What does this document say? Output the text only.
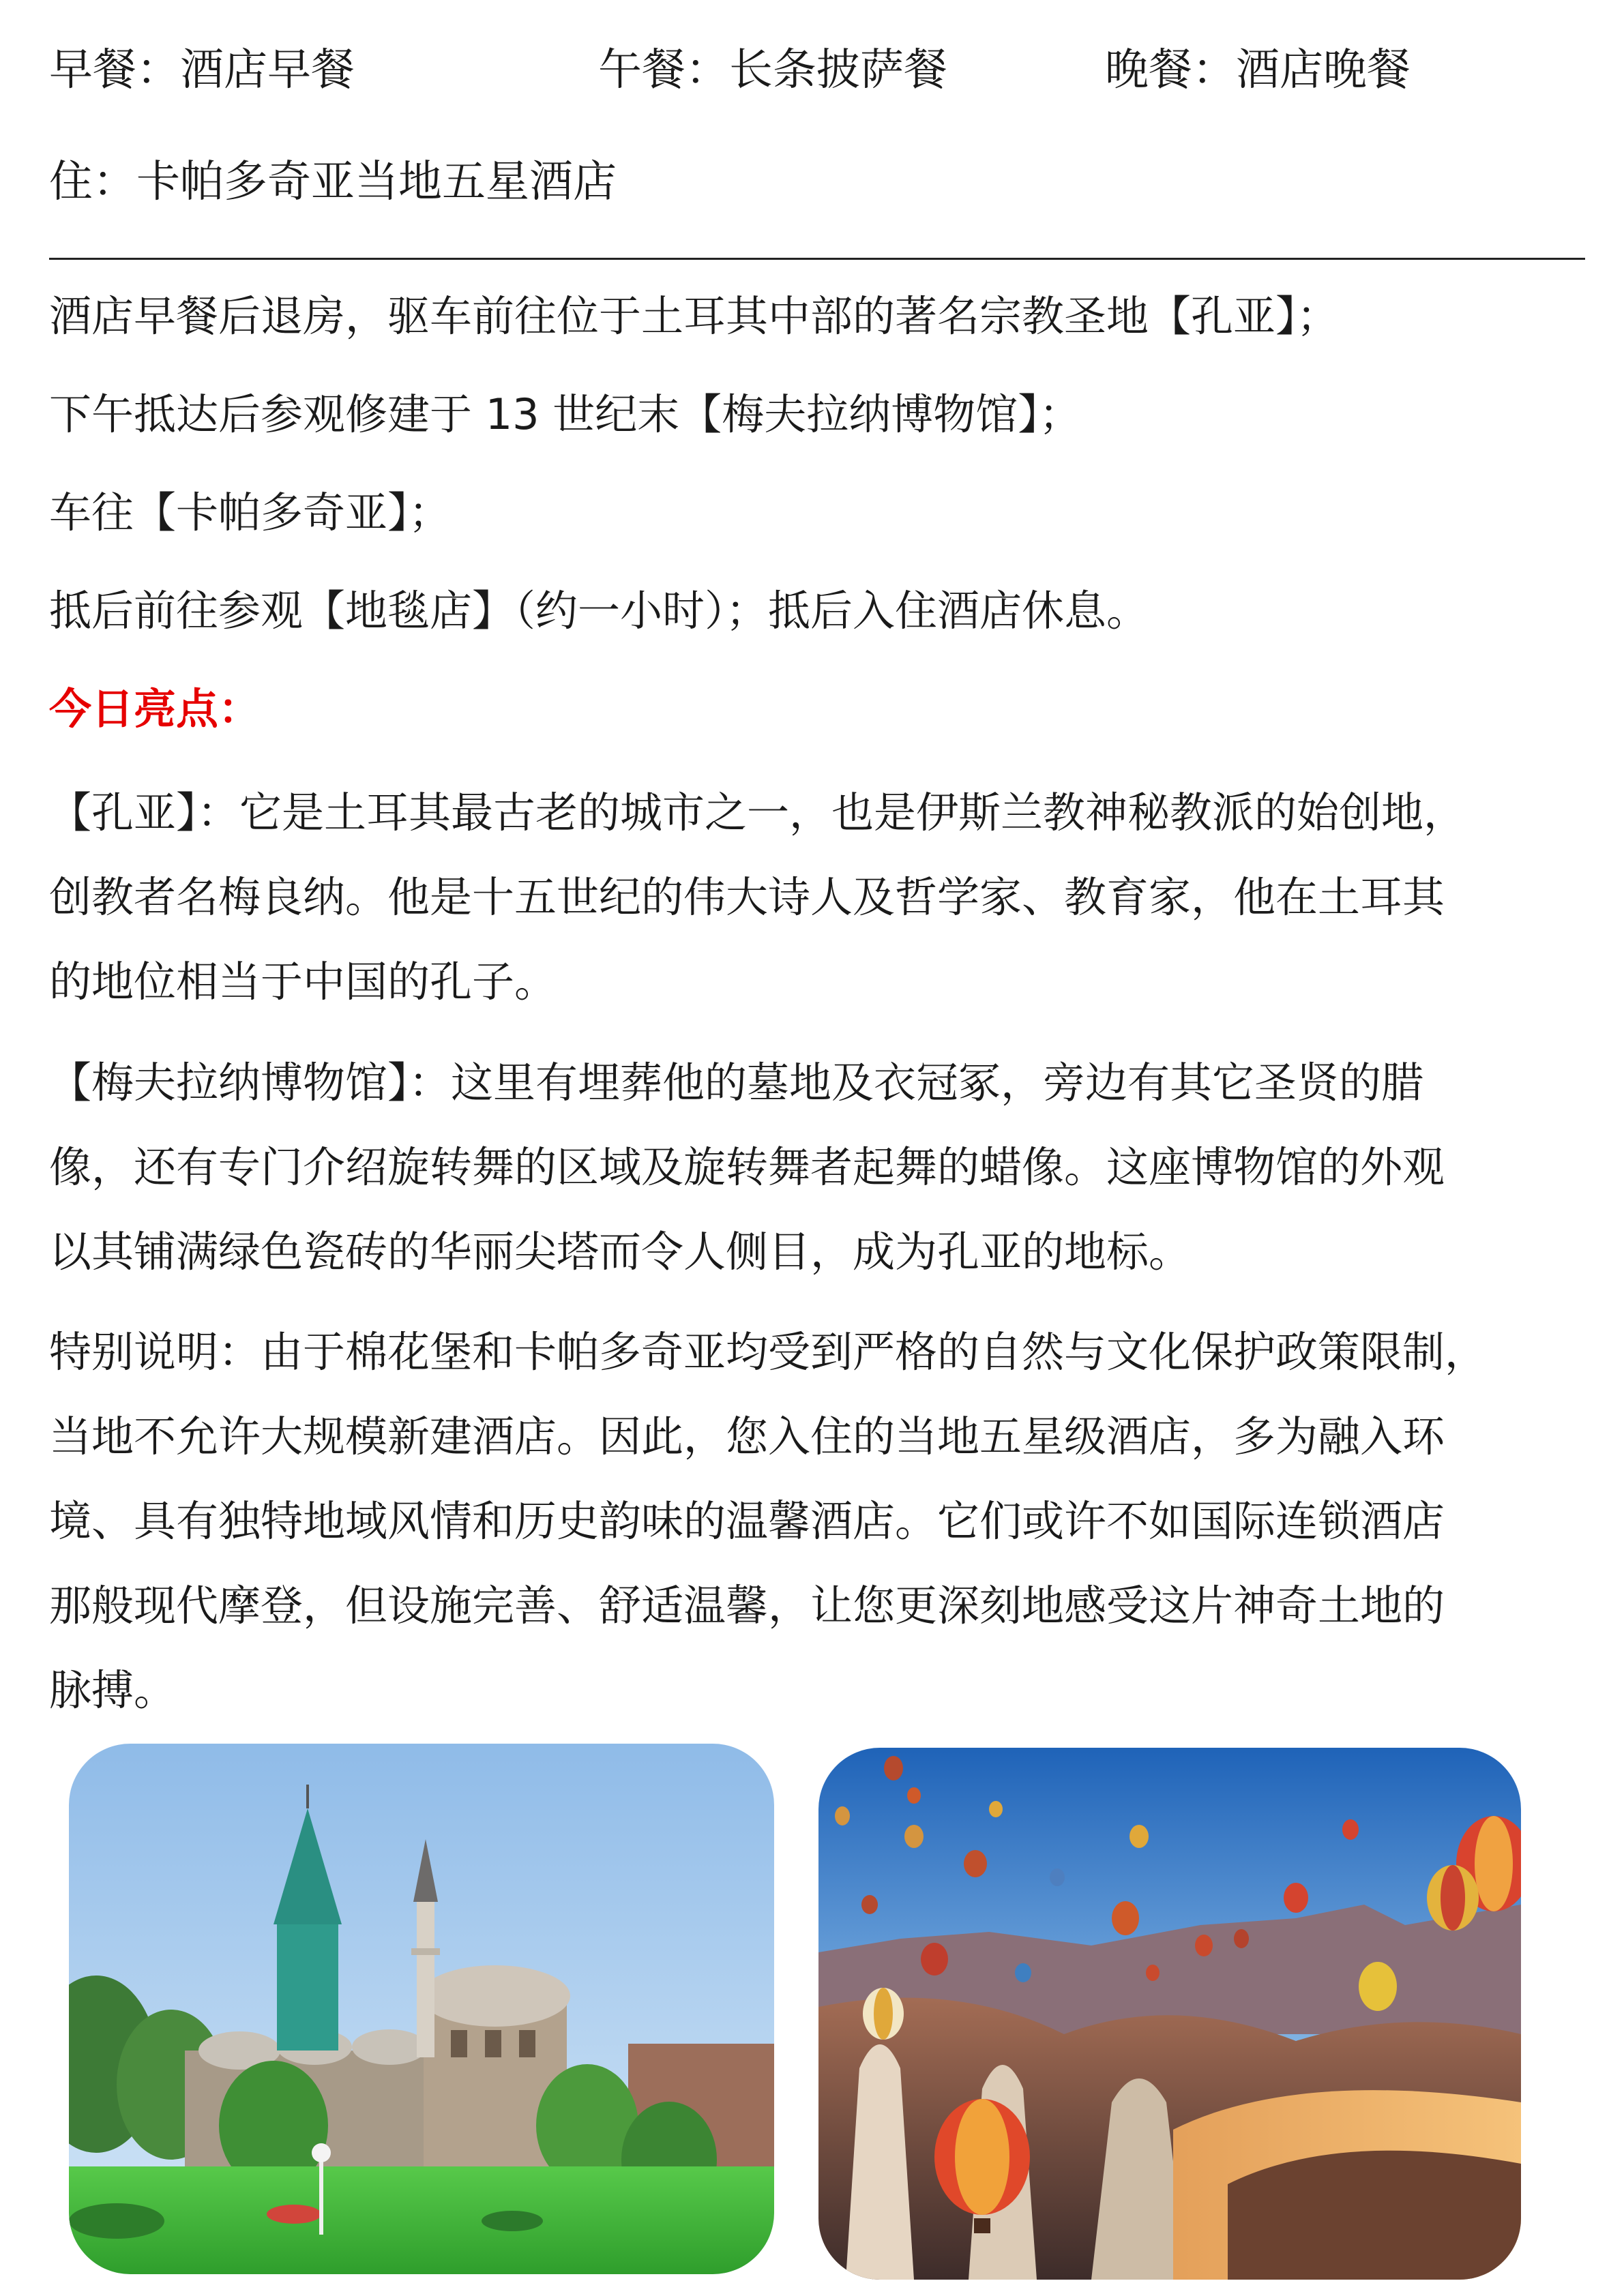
早餐：酒店早餐	午餐：长条披萨餐	晚餐：酒店晚餐
住：卡帕多奇亚当地五星酒店

酒店早餐后退房，驱车前往位于土耳其中部的著名宗教圣地【孔亚】；

下午抵达后参观修建于 13 世纪末【梅夫拉纳博物馆】；

车往【卡帕多奇亚】；

抵后前往参观【地毯店】（约一小时）；抵后入住酒店休息。

今日亮点：

【孔亚】：它是土耳其最古老的城市之一，也是伊斯兰教神秘教派的始创地，

创教者名梅良纳。他是十五世纪的伟大诗人及哲学家、教育家，他在土耳其

的地位相当于中国的孔子。

【梅夫拉纳博物馆】：这里有埋葬他的墓地及衣冠冢，旁边有其它圣贤的腊

像，还有专门介绍旋转舞的区域及旋转舞者起舞的蜡像。这座博物馆的外观

以其铺满绿色瓷砖的华丽尖塔而令人侧目，成为孔亚的地标。

特别说明：由于棉花堡和卡帕多奇亚均受到严格的自然与文化保护政策限制，

当地不允许大规模新建酒店。因此，您入住的当地五星级酒店，多为融入环

境、具有独特地域风情和历史韵味的温馨酒店。它们或许不如国际连锁酒店

那般现代摩登，但设施完善、舒适温馨，让您更深刻地感受这片神奇土地的

脉搏。
